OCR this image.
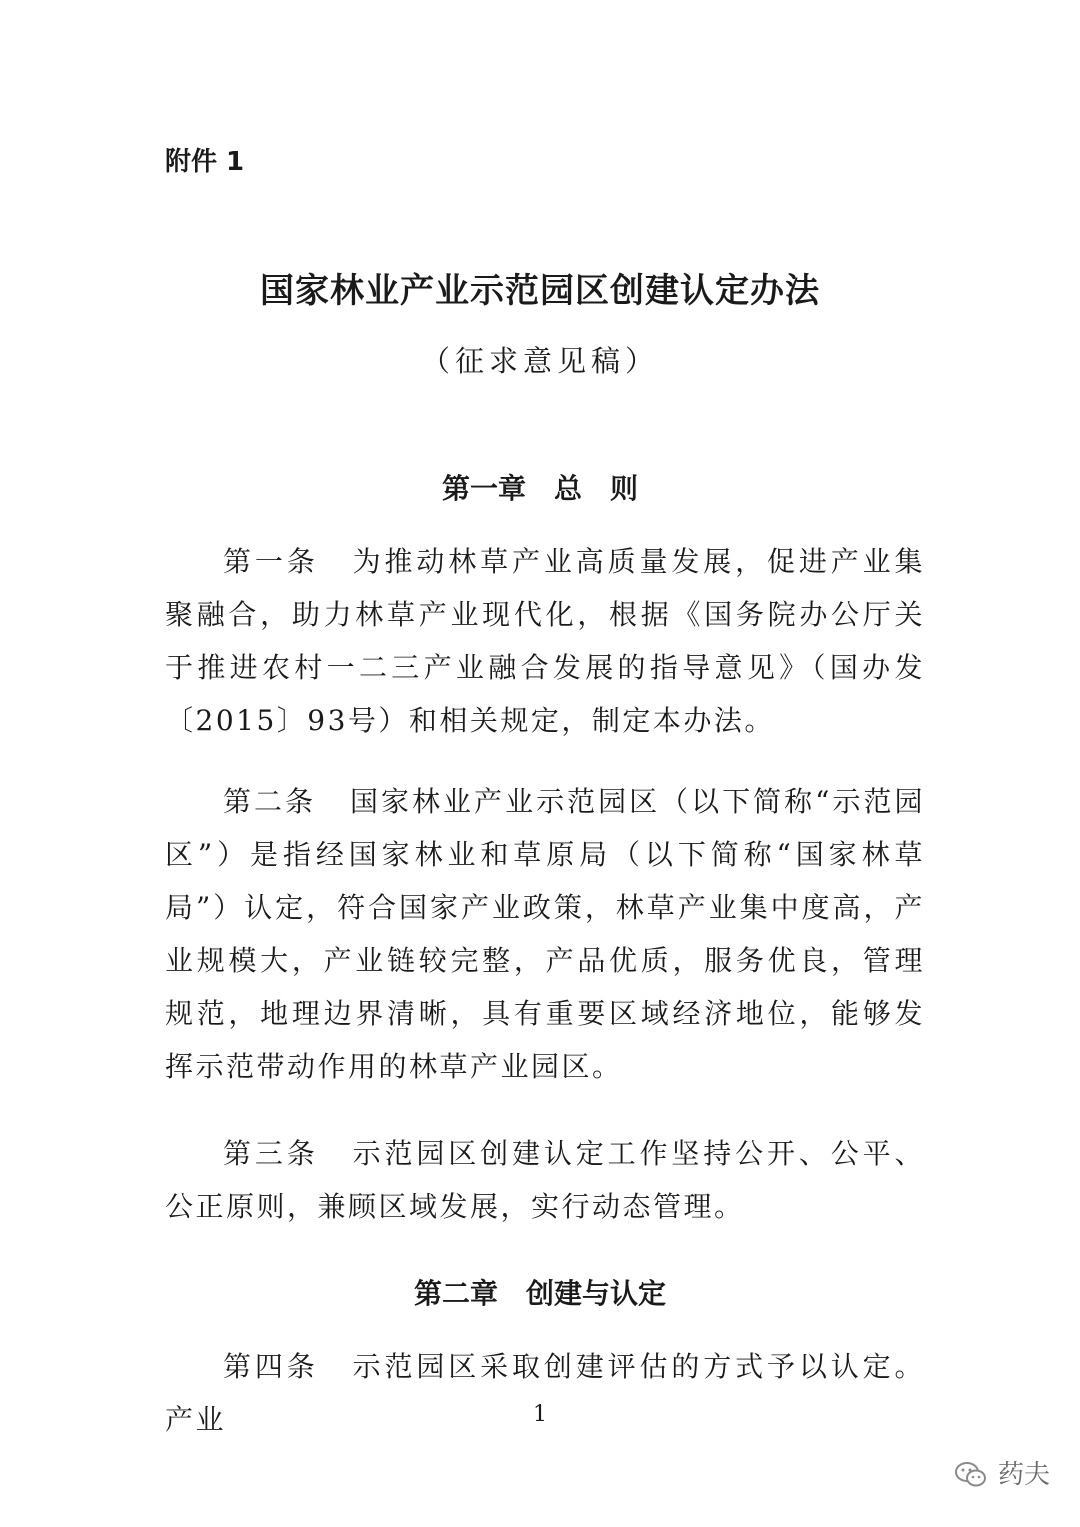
附件 1
国家林业产业示范园区创建认定办法
（征求意见稿）
第一章　总　则
第一条 为推动林草产业高质量发展，促进产业集聚融合，助力林草产业现代化，根据《国务院办公厅关于推进农村一二三产业融合发展的指导意见》（国办发〔2015〕93号）和相关规定，制定本办法。
第二条 国家林业产业示范园区（以下简称“示范园区”）是指经国家林业和草原局（以下简称“国家林草局”）认定，符合国家产业政策，林草产业集中度高，产业规模大，产业链较完整，产品优质，服务优良，管理规范，地理边界清晰，具有重要区域经济地位，能够发挥示范带动作用的林草产业园区。
第三条 示范园区创建认定工作坚持公开、公平、公正原则，兼顾区域发展，实行动态管理。
第二章　创建与认定
第四条 示范园区采取创建评估的方式予以认定。产业	1
药夫
